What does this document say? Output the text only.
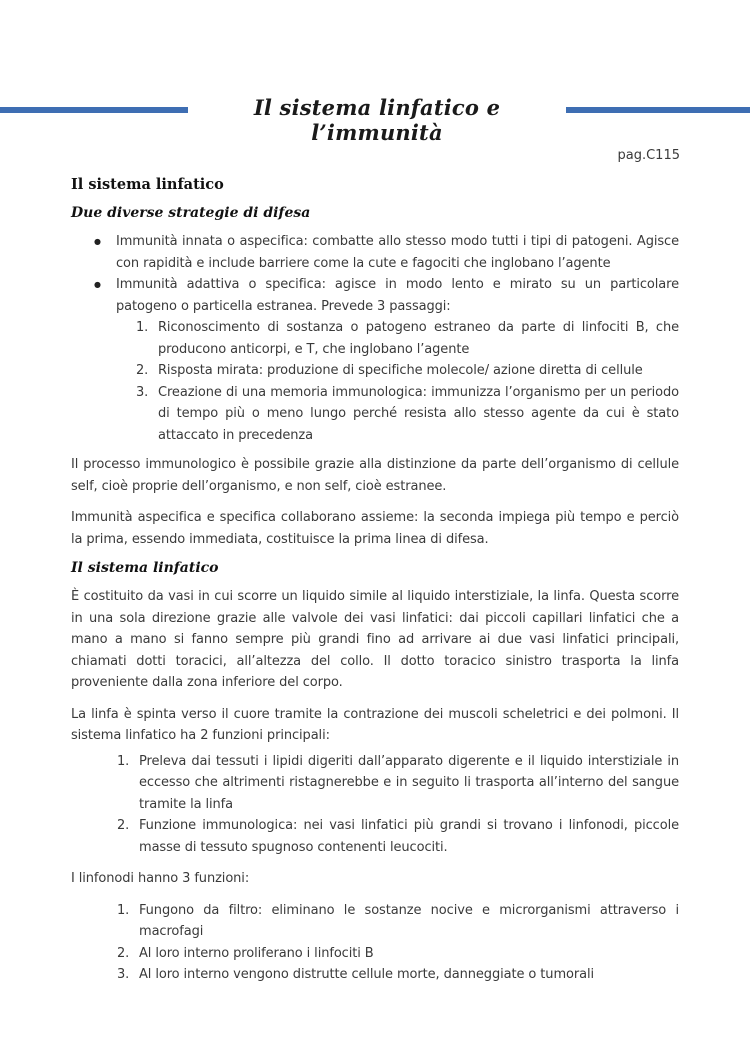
Il sistema linfatico e l’immunità
pag.C115
Il sistema linfatico
Due diverse strategie di difesa
● Immunità innata o aspecifica: combatte allo stesso modo tutti i tipi di patogeni. Agisce con rapidità e include barriere come la cute e fagociti che inglobano l’agente
● Immunità adattiva o specifica: agisce in modo lento e mirato su un particolare patogeno o particella estranea. Prevede 3 passaggi:
1. Riconoscimento di sostanza o patogeno estraneo da parte di linfociti B, che producono anticorpi, e T, che inglobano l’agente
2. Risposta mirata: produzione di specifiche molecole/ azione diretta di cellule
3. Creazione di una memoria immunologica: immunizza l’organismo per un periodo di tempo più o meno lungo perché resista allo stesso agente da cui è stato attaccato in precedenza

Il processo immunologico è possibile grazie alla distinzione da parte dell’organismo di cellule self, cioè proprie dell’organismo, e non self, cioè estranee.

Immunità aspecifica e specifica collaborano assieme: la seconda impiega più tempo e perciò la prima, essendo immediata, costituisce la prima linea di difesa.

Il sistema linfatico

È costituito da vasi in cui scorre un liquido simile al liquido interstiziale, la linfa. Questa scorre in una sola direzione grazie alle valvole dei vasi linfatici: dai piccoli capillari linfatici che a mano a mano si fanno sempre più grandi fino ad arrivare ai due vasi linfatici principali, chiamati dotti toracici, all’altezza del collo. Il dotto toracico sinistro trasporta la linfa proveniente dalla zona inferiore del corpo.

La linfa è spinta verso il cuore tramite la contrazione dei muscoli scheletrici e dei polmoni. Il sistema linfatico ha 2 funzioni principali:

1. Preleva dai tessuti i lipidi digeriti dall’apparato digerente e il liquido interstiziale in eccesso che altrimenti ristagnerebbe e in seguito li trasporta all’interno del sangue tramite la linfa
2. Funzione immunologica: nei vasi linfatici più grandi si trovano i linfonodi, piccole masse di tessuto spugnoso contenenti leucociti.

I linfonodi hanno 3 funzioni:

1. Fungono da filtro: eliminano le sostanze nocive e microrganismi attraverso i macrofagi
2. Al loro interno proliferano i linfociti B
3. Al loro interno vengono distrutte cellule morte, danneggiate o tumorali
